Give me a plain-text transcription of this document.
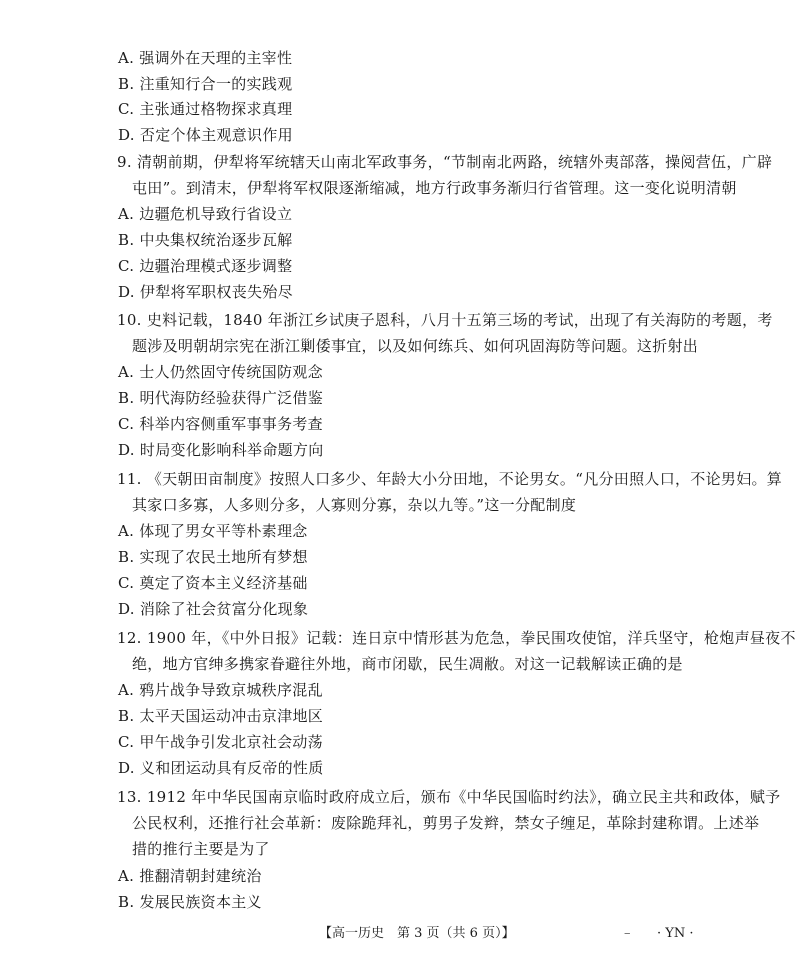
A. 强调外在天理的主宰性
B. 注重知行合一的实践观
C. 主张通过格物探求真理
D. 否定个体主观意识作用
9. 清朝前期，伊犁将军统辖天山南北军政事务，“节制南北两路，统辖外夷部落，操阅营伍，广辟
屯田”。到清末，伊犁将军权限逐渐缩减，地方行政事务渐归行省管理。这一变化说明清朝
A. 边疆危机导致行省设立
B. 中央集权统治逐步瓦解
C. 边疆治理模式逐步调整
D. 伊犁将军职权丧失殆尽
10. 史料记载，1840 年浙江乡试庚子恩科，八月十五第三场的考试，出现了有关海防的考题，考
题涉及明朝胡宗宪在浙江剿倭事宜，以及如何练兵、如何巩固海防等问题。这折射出
A. 士人仍然固守传统国防观念
B. 明代海防经验获得广泛借鉴
C. 科举内容侧重军事事务考查
D. 时局变化影响科举命题方向
11. 《天朝田亩制度》按照人口多少、年龄大小分田地，不论男女。“凡分田照人口，不论男妇。算
其家口多寡，人多则分多，人寡则分寡，杂以九等。”这一分配制度
A. 体现了男女平等朴素理念
B. 实现了农民土地所有梦想
C. 奠定了资本主义经济基础
D. 消除了社会贫富分化现象
12. 1900 年，《中外日报》记载：连日京中情形甚为危急，拳民围攻使馆，洋兵坚守，枪炮声昼夜不
绝，地方官绅多携家眷避往外地，商市闭歇，民生凋敝。对这一记载解读正确的是
A. 鸦片战争导致京城秩序混乱
B. 太平天国运动冲击京津地区
C. 甲午战争引发北京社会动荡
D. 义和团运动具有反帝的性质
13. 1912 年中华民国南京临时政府成立后，颁布《中华民国临时约法》，确立民主共和政体，赋予
公民权利，还推行社会革新：废除跪拜礼，剪男子发辫，禁女子缠足，革除封建称谓。上述举
措的推行主要是为了
A. 推翻清朝封建统治
B. 发展民族资本主义
【高一历史　第 3 页（共 6 页）】	– · YN ·
